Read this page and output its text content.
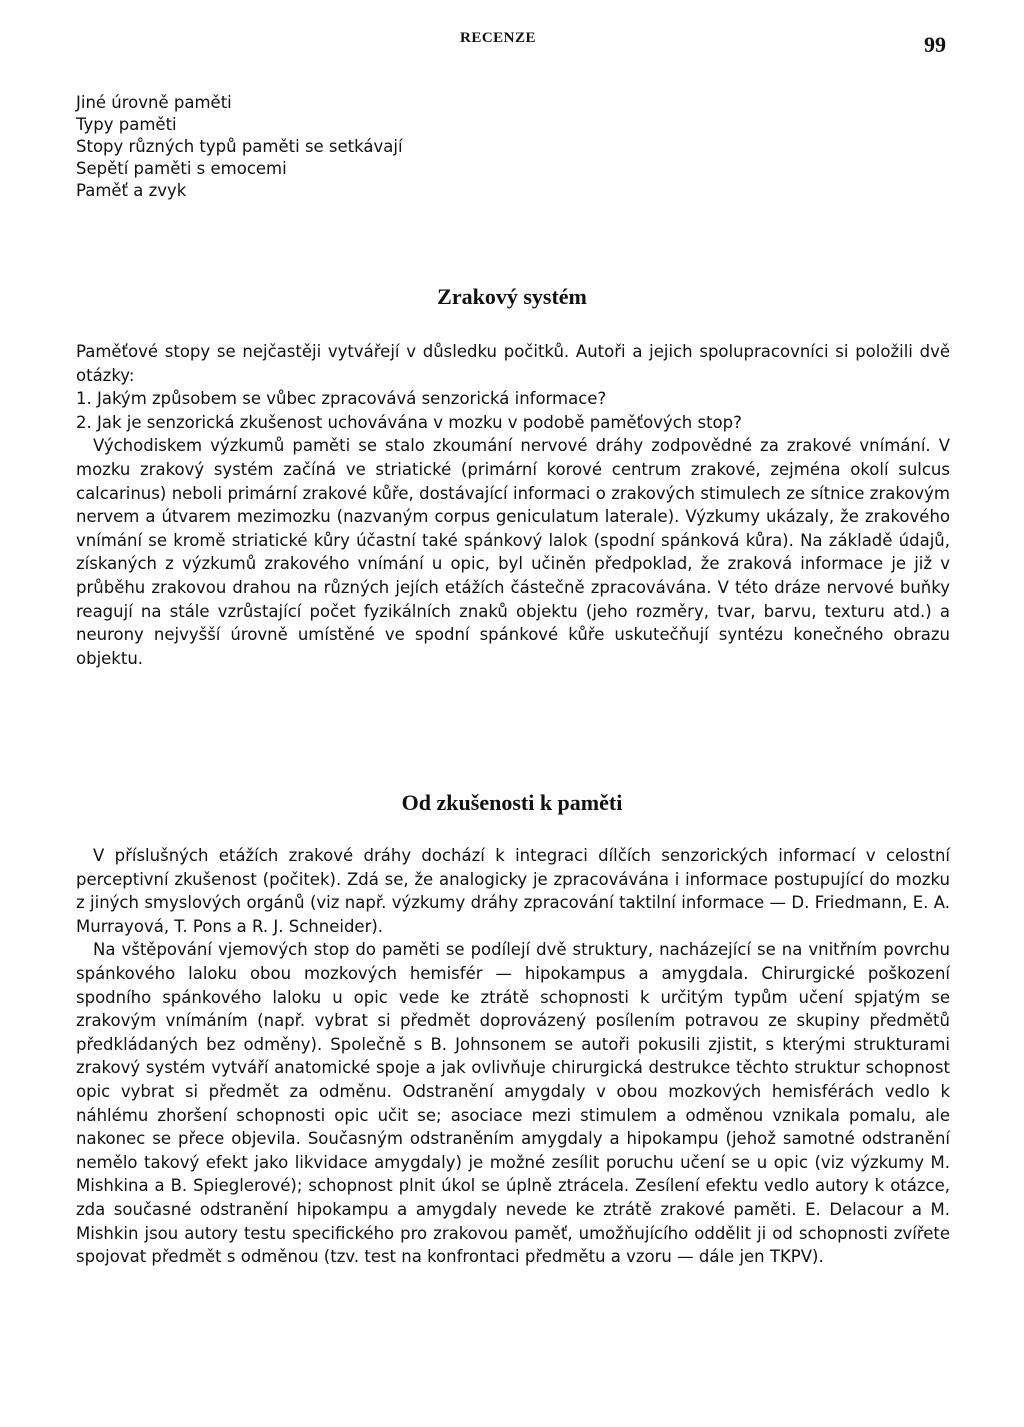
RECENZE	99
Jiné úrovně paměti
Typy paměti
Stopy různých typů paměti se setkávají
Sepětí paměti s emocemi
Paměť a zvyk
Zrakový systém

Paměťové stopy se nejčastěji vytvářejí v důsledku počitků. Autoři a jejich spolupracovníci si položili dvě otázky:

1. Jakým způsobem se vůbec zpracovává senzorická informace?

2. Jak je senzorická zkušenost uchovávána v mozku v podobě paměťových stop?

Východiskem výzkumů paměti se stalo zkoumání nervové dráhy zodpovědné za zrakové vnímání. V mozku zrakový systém začíná ve striatické (primární korové centrum zrakové, zejména okolí sulcus calcarinus) neboli primární zrakové kůře, dostávající informaci o zrakových stimulech ze sítnice zrakovým nervem a útvarem mezimozku (nazvaným corpus geniculatum laterale). Výzkumy ukázaly, že zrakového vnímání se kromě striatické kůry účastní také spánkový lalok (spodní spánková kůra). Na základě údajů, získaných z výzkumů zrakového vnímání u opic, byl učiněn předpoklad, že zraková informace je již v průběhu zrakovou drahou na různých jejích etážích částečně zpracovávána. V této dráze nervové buňky reagují na stále vzrůstající počet fyzikálních znaků objektu (jeho rozměry, tvar, barvu, texturu atd.) a neurony nejvyšší úrovně umístěné ve spodní spánkové kůře uskutečňují syntézu konečného obrazu objektu.

Od zkušenosti k paměti

V příslušných etážích zrakové dráhy dochází k integraci dílčích senzorických informací v celostní perceptivní zkušenost (počitek). Zdá se, že analogicky je zpracovávána i informace postupující do mozku z jiných smyslových orgánů (viz např. výzkumy dráhy zpracování taktilní informace — D. Friedmann, E. A. Murrayová, T. Pons a R. J. Schneider).

Na vštěpování vjemových stop do paměti se podílejí dvě struktury, nacházející se na vnitřním povrchu spánkového laloku obou mozkových hemisfér — hipokampus a amygdala. Chirurgické poškození spodního spánkového laloku u opic vede ke ztrátě schopnosti k určitým typům učení spjatým se zrakovým vnímáním (např. vybrat si předmět doprovázený posílením potravou ze skupiny předmětů předkládaných bez odměny). Společně s B. Johnsonem se autoři pokusili zjistit, s kterými strukturami zrakový systém vytváří anatomické spoje a jak ovlivňuje chirurgická destrukce těchto struktur schopnost opic vybrat si předmět za odměnu. Odstranění amygdaly v obou mozkových hemisférách vedlo k náhlému zhoršení schopnosti opic učit se; asociace mezi stimulem a odměnou vznikala pomalu, ale nakonec se přece objevila. Současným odstraněním amygdaly a hipokampu (jehož samotné odstranění nemělo takový efekt jako likvidace amygdaly) je možné zesílit poruchu učení se u opic (viz výzkumy M. Mishkina a B. Spieglerové); schopnost plnit úkol se úplně ztrácela. Zesílení efektu vedlo autory k otázce, zda současné odstranění hipokampu a amygdaly nevede ke ztrátě zrakové paměti. E. Delacour a M. Mishkin jsou autory testu specifického pro zrakovou paměť, umožňujícího oddělit ji od schopnosti zvířete spojovat předmět s odměnou (tzv. test na konfrontaci předmětu a vzoru — dále jen TKPV).
